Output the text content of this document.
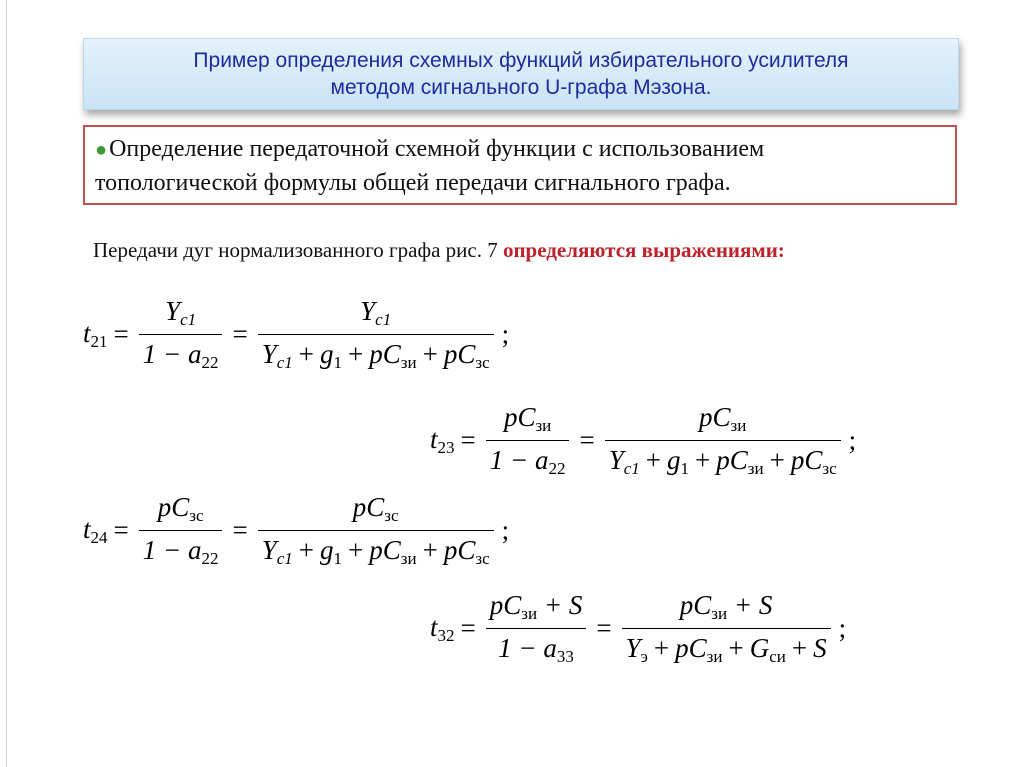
Пример определения схемных функций избирательного усилителя
методом сигнального U-графа Мэзона.
●Определение передаточной схемной функции с использованием
топологической формулы общей передачи сигнального графа.
Передачи дуг нормализованного графа рис. 7 определяются выражениями:
$t_{21} = \frac{Y_{c1}}{1 - a_{22}} = \frac{Y_{c1}}{Y_{c1} + g_1 + pC_{зи} + pC_{зс}}$ ;
$t_{23} = \frac{pC_{зи}}{1 - a_{22}} = \frac{pC_{зи}}{Y_{c1} + g_1 + pC_{зи} + pC_{зс}}$ ;
$t_{24} = \frac{pC_{зс}}{1 - a_{22}} = \frac{pC_{зс}}{Y_{c1} + g_1 + pC_{зи} + pC_{зс}}$ ;
$t_{32} = \frac{pC_{зи} + S}{1 - a_{33}} = \frac{pC_{зи} + S}{Y_э + pC_{зи} + G_{си} + S}$ ;
